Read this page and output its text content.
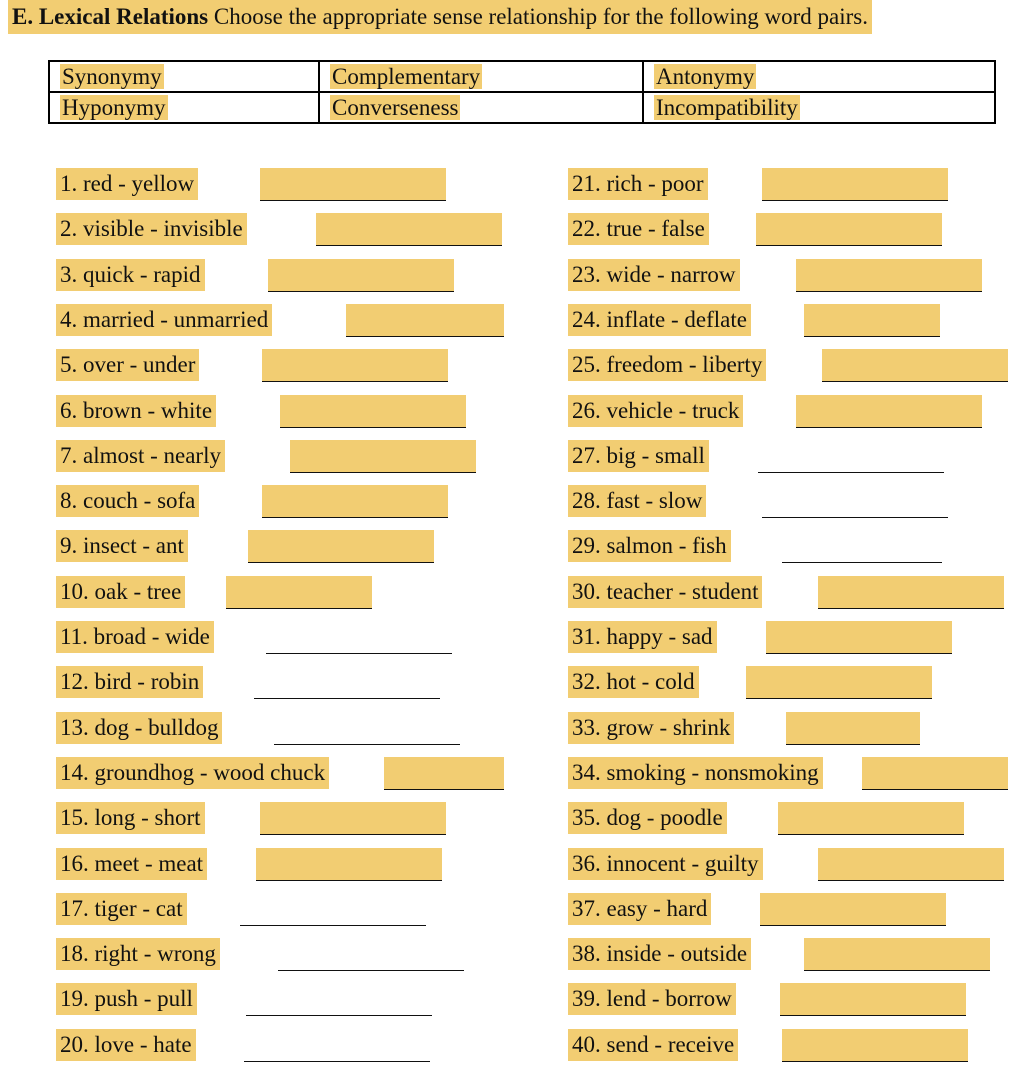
E. Lexical Relations Choose the appropriate sense relationship for the following word pairs.
Synonymy	Complementary	Antonymy
Hyponymy	Converseness	Incompatibility
1. red - yellow
2. visible - invisible
3. quick - rapid
4. married - unmarried
5. over - under
6. brown - white
7. almost - nearly
8. couch - sofa
9. insect - ant
10. oak - tree
11. broad - wide
12. bird - robin
13. dog - bulldog
14. groundhog - wood chuck
15. long - short
16. meet - meat
17. tiger - cat
18. right - wrong
19. push - pull
20. love - hate
21. rich - poor
22. true - false
23. wide - narrow
24. inflate - deflate
25. freedom - liberty
26. vehicle - truck
27. big - small
28. fast - slow
29. salmon - fish
30. teacher - student
31. happy - sad
32. hot - cold
33. grow - shrink
34. smoking - nonsmoking
35. dog - poodle
36. innocent - guilty
37. easy - hard
38. inside - outside
39. lend - borrow
40. send - receive
